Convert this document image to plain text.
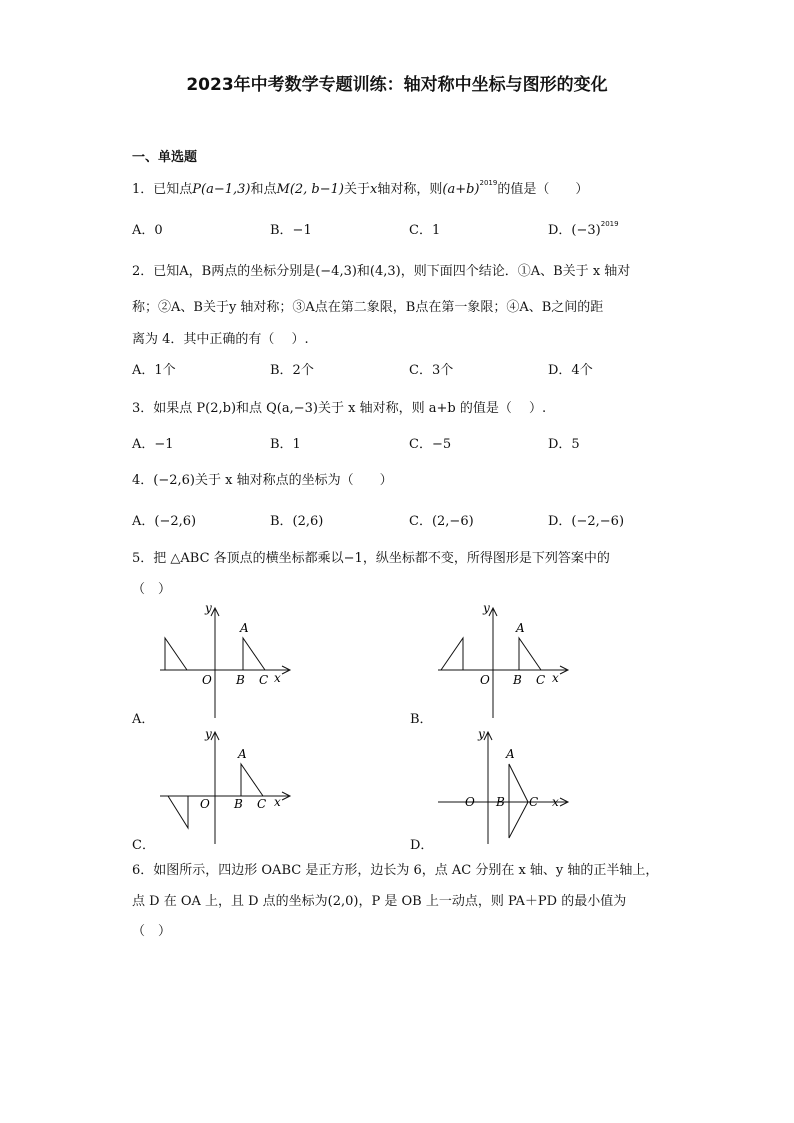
2023年中考数学专题训练：轴对称中坐标与图形的变化
一、单选题
1．已知点P(a−1,3)和点M(2, b−1)关于x轴对称，则$(a+b)^{2019}$的值是（　　）
A．0	B．−1	C．1	D．$(-3)^{2019}$
2．已知A，B两点的坐标分别是(−4,3)和(4,3)，则下面四个结论．①A、B关于 x 轴对
称；②A、B关于y 轴对称；③A点在第二象限，B点在第一象限；④A、B之间的距
离为 4．其中正确的有（　 ）.
A．1个	B．2个	C．3个	D．4个
3．如果点 P(2,b)和点 Q(a,−3)关于 x 轴对称，则 a+b 的值是（　 ）.
A．−1	B．1	C．−5	D．5
4．(−2,6)关于 x 轴对称点的坐标为（　　）
A．(−2,6)	B．(2,6)	C．(2,−6)	D．(−2,−6)
5．把 △ABC 各顶点的横坐标都乘以−1，纵坐标都不变，所得图形是下列答案中的
（　）
y
A
O B C x
A．
y
A
O B C x
B．
y
A
O B C x
C．
y
A
O B C x
D．
6．如图所示，四边形 OABC 是正方形，边长为 6，点 AC 分别在 x 轴、y 轴的正半轴上，
点 D 在 OA 上，且 D 点的坐标为(2,0)，P 是 OB 上一动点，则 PA＋PD 的最小值为
（　）
